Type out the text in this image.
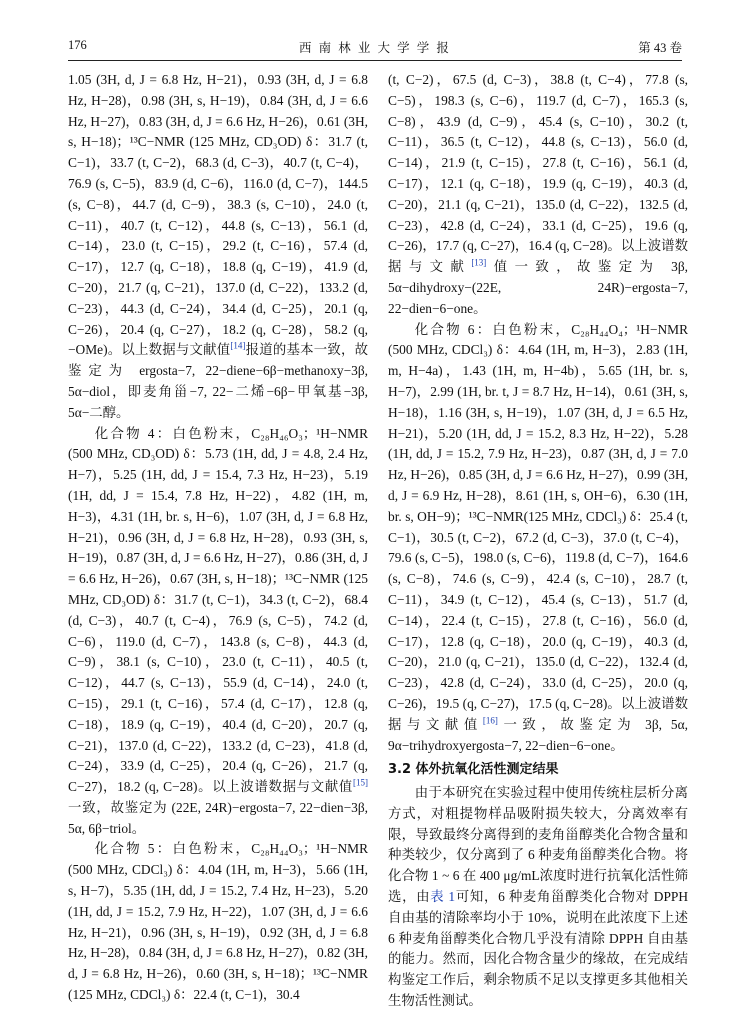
176	西 南 林 业 大 学 学 报	第 43 卷

1.05 (3H, d, J = 6.8 Hz, H−21)，0.93 (3H, d, J = 6.8 Hz, H−28)，0.98 (3H, s, H−19)，0.84 (3H, d, J = 6.6 Hz, H−27)，0.83 (3H, d, J = 6.6 Hz, H−26)，0.61 (3H, s, H−18)；¹³C−NMR (125 MHz, CD₃OD) δ：31.7 (t, C−1)，33.7 (t, C−2)，68.3 (d, C−3)，40.7 (t, C−4)，76.9 (s, C−5)，83.9 (d, C−6)，116.0 (d, C−7)，144.5 (s, C−8)，44.7 (d, C−9)，38.3 (s, C−10)，24.0 (t, C−11)，40.7 (t, C−12)，44.8 (s, C−13)，56.1 (d, C−14)，23.0 (t, C−15)，29.2 (t, C−16)，57.4 (d, C−17)，12.7 (q, C−18)，18.8 (q, C−19)，41.9 (d, C−20)，21.7 (q, C−21)，137.0 (d, C−22)，133.2 (d, C−23)，44.3 (d, C−24)，34.4 (d, C−25)，20.1 (q, C−26)，20.4 (q, C−27)，18.2 (q, C−28)，58.2 (q, −OMe)。以上数据与文献值[14]报道的基本一致，故鉴定为 ergosta−7, 22−diene−6β−methanoxy−3β, 5α−diol，即麦角甾−7, 22−二烯−6β−甲氧基−3β, 5α−二醇。

化合物 4：白色粉末，C₂₈H₄₆O₃；¹H−NMR (500 MHz, CD₃OD) δ：5.73 (1H, dd, J = 4.8, 2.4 Hz, H−7)，5.25 (1H, dd, J = 15.4, 7.3 Hz, H−23)，5.19 (1H, dd, J = 15.4, 7.8 Hz, H−22)，4.82 (1H, m, H−3)，4.31 (1H, br. s, H−6)，1.07 (3H, d, J = 6.8 Hz, H−21)，0.96 (3H, d, J = 6.8 Hz, H−28)，0.93 (3H, s, H−19)，0.87 (3H, d, J = 6.6 Hz, H−27)，0.86 (3H, d, J = 6.6 Hz, H−26)，0.67 (3H, s, H−18)；¹³C−NMR (125 MHz, CD₃OD) δ：31.7 (t, C−1)，34.3 (t, C−2)，68.4 (d, C−3)，40.7 (t, C−4)，76.9 (s, C−5)，74.2 (d, C−6)，119.0 (d, C−7)，143.8 (s, C−8)，44.3 (d, C−9)，38.1 (s, C−10)，23.0 (t, C−11)，40.5 (t, C−12)，44.7 (s, C−13)，55.9 (d, C−14)，24.0 (t, C−15)，29.1 (t, C−16)，57.4 (d, C−17)，12.8 (q, C−18)，18.9 (q, C−19)，40.4 (d, C−20)，20.7 (q, C−21)，137.0 (d, C−22)，133.2 (d, C−23)，41.8 (d, C−24)，33.9 (d, C−25)，20.4 (q, C−26)，21.7 (q, C−27)，18.2 (q, C−28)。以上波谱数据与文献值[15]一致，故鉴定为 (22E, 24R)−ergosta−7, 22−dien−3β, 5α, 6β−triol。

化合物 5：白色粉末，C₂₈H₄₄O₃；¹H−NMR (500 MHz, CDCl₃) δ：4.04 (1H, m, H−3)，5.66 (1H, s, H−7)，5.35 (1H, dd, J = 15.2, 7.4 Hz, H−23)，5.20 (1H, dd, J = 15.2, 7.9 Hz, H−22)，1.07 (3H, d, J = 6.6 Hz, H−21)，0.96 (3H, s, H−19)，0.92 (3H, d, J = 6.8 Hz, H−28)，0.84 (3H, d, J = 6.8 Hz, H−27)，0.82 (3H, d, J = 6.8 Hz, H−26)，0.60 (3H, s, H−18)；¹³C−NMR (125 MHz, CDCl₃) δ：22.4 (t, C−1)，30.4

(t, C−2)，67.5 (d, C−3)，38.8 (t, C−4)，77.8 (s, C−5)，198.3 (s, C−6)，119.7 (d, C−7)，165.3 (s, C−8)，43.9 (d, C−9)，45.4 (s, C−10)，30.2 (t, C−11)，36.5 (t, C−12)，44.8 (s, C−13)，56.0 (d, C−14)，21.9 (t, C−15)，27.8 (t, C−16)，56.1 (d, C−17)，12.1 (q, C−18)，19.9 (q, C−19)，40.3 (d, C−20)，21.1 (q, C−21)，135.0 (d, C−22)，132.5 (d, C−23)，42.8 (d, C−24)，33.1 (d, C−25)，19.6 (q, C−26)，17.7 (q, C−27)，16.4 (q, C−28)。以上波谱数据与文献[13]值一致，故鉴定为 3β, 5α−dihydroxy−(22E, 24R)−ergosta−7, 22−dien−6−one。

化合物 6：白色粉末，C₂₈H₄₄O₄；¹H−NMR (500 MHz, CDCl₃) δ：4.64 (1H, m, H−3)，2.83 (1H, m, H−4a)，1.43 (1H, m, H−4b)，5.65 (1H, br. s, H−7)，2.99 (1H, br. t, J = 8.7 Hz, H−14)，0.61 (3H, s, H−18)，1.16 (3H, s, H−19)，1.07 (3H, d, J = 6.5 Hz, H−21)，5.20 (1H, dd, J = 15.2, 8.3 Hz, H−22)，5.28 (1H, dd, J = 15.2, 7.9 Hz, H−23)，0.87 (3H, d, J = 7.0 Hz, H−26)，0.85 (3H, d, J = 6.6 Hz, H−27)，0.99 (3H, d, J = 6.9 Hz, H−28)，8.61 (1H, s, OH−6)，6.30 (1H, br. s, OH−9)；¹³C−NMR(125 MHz, CDCl₃) δ：25.4 (t, C−1)，30.5 (t, C−2)，67.2 (d, C−3)，37.0 (t, C−4)，79.6 (s, C−5)，198.0 (s, C−6)，119.8 (d, C−7)，164.6 (s, C−8)，74.6 (s, C−9)，42.4 (s, C−10)，28.7 (t, C−11)，34.9 (t, C−12)，45.4 (s, C−13)，51.7 (d, C−14)，22.4 (t, C−15)，27.8 (t, C−16)，56.0 (d, C−17)，12.8 (q, C−18)，20.0 (q, C−19)，40.3 (d, C−20)，21.0 (q, C−21)，135.0 (d, C−22)，132.4 (d, C−23)，42.8 (d, C−24)，33.0 (d, C−25)，20.0 (q, C−26)，19.5 (q, C−27)，17.5 (q, C−28)。以上波谱数据与文献值[16]一致，故鉴定为 3β, 5α, 9α−trihydroxyergosta−7, 22−dien−6−one。

3.2 体外抗氧化活性测定结果

由于本研究在实验过程中使用传统柱层析分离方式，对粗提物样品吸附损失较大，分离效率有限，导致最终分离得到的麦角甾醇类化合物含量和种类较少，仅分离到了 6 种麦角甾醇类化合物。将化合物 1 ~ 6 在 400 μg/mL浓度时进行抗氧化活性筛选，由表 1可知，6 种麦角甾醇类化合物对 DPPH 自由基的清除率均小于 10%，说明在此浓度下上述 6 种麦角甾醇类化合物几乎没有清除 DPPH 自由基的能力。然而，因化合物含量少的缘故，在完成结构鉴定工作后，剩余物质不足以支撑更多其他相关生物活性测试。
